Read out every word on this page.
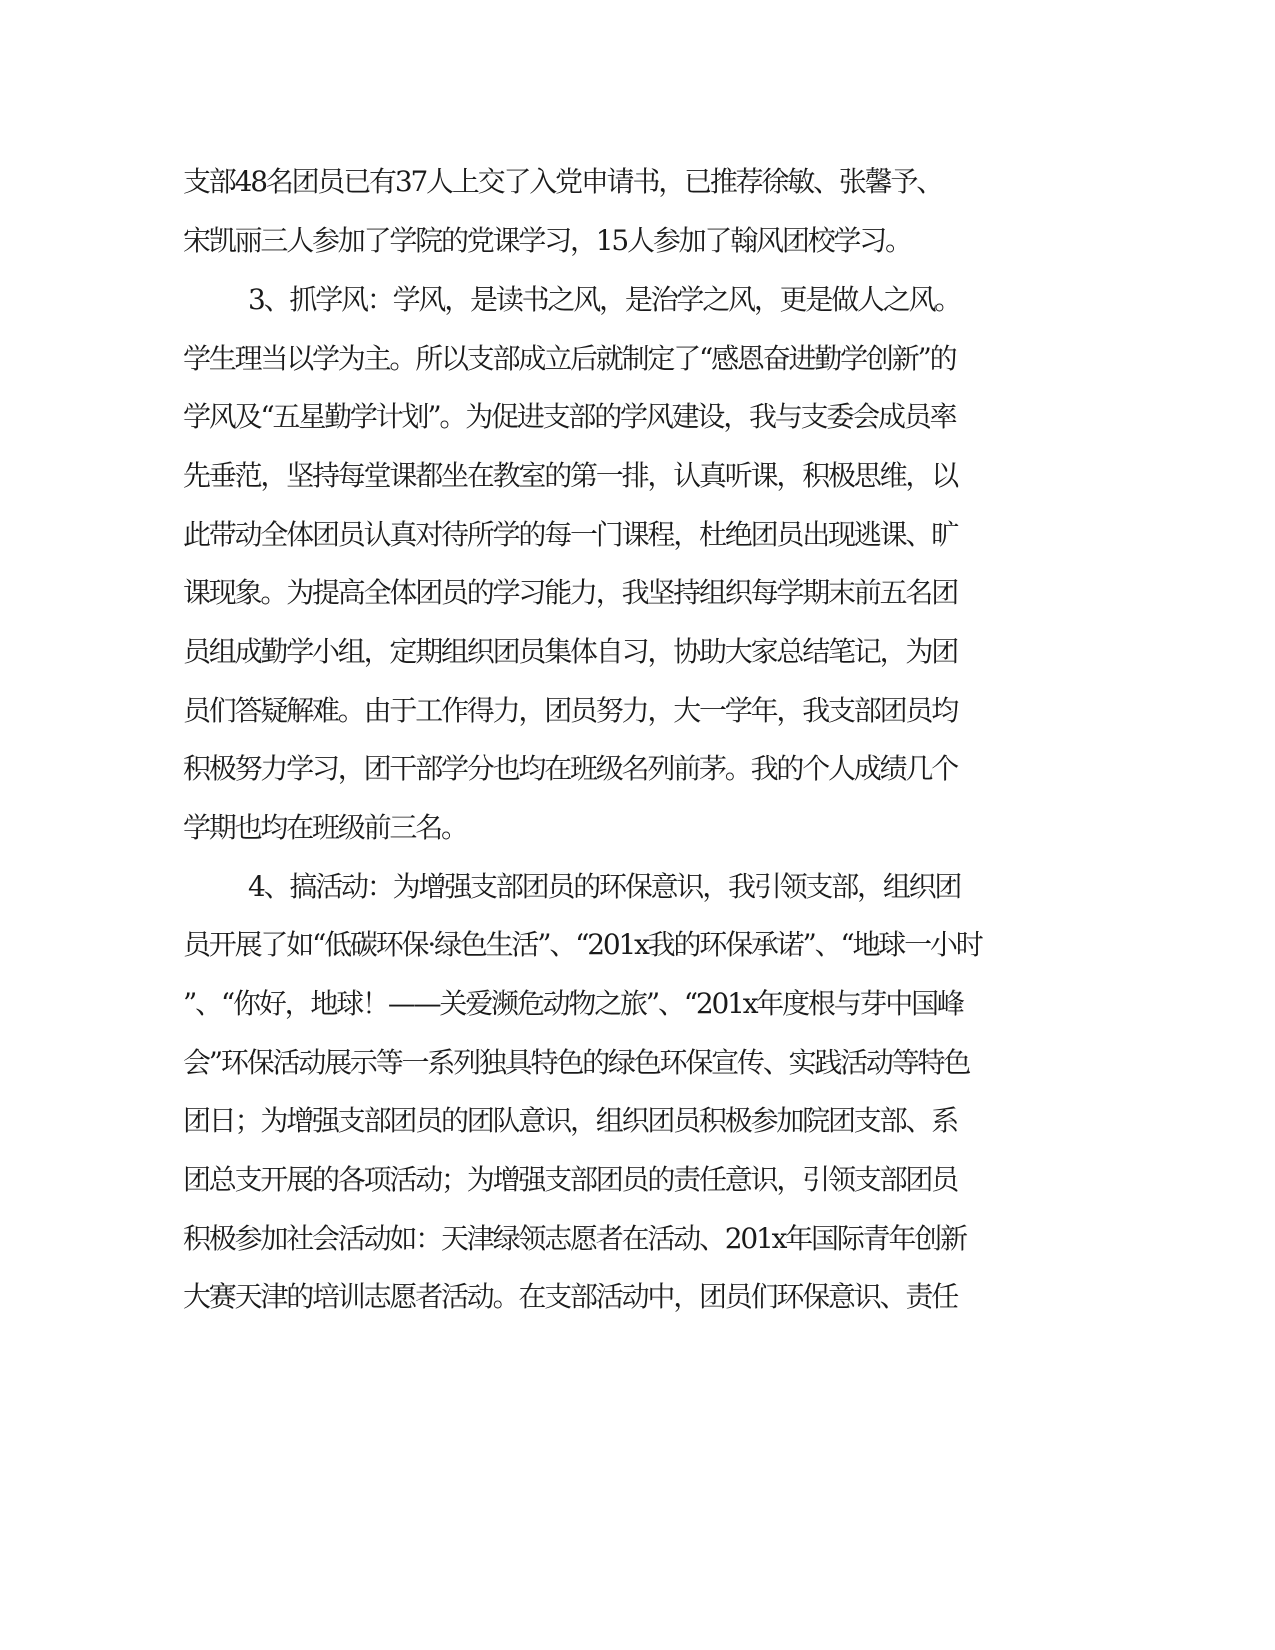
支部48名团员已有37人上交了入党申请书，已推荐徐敏、张馨予、
宋凯丽三人参加了学院的党课学习，15人参加了翰风团校学习。
3、抓学风：学风，是读书之风，是治学之风，更是做人之风。
学生理当以学为主。所以支部成立后就制定了“感恩奋进勤学创新”的
学风及“五星勤学计划”。为促进支部的学风建设，我与支委会成员率
先垂范，坚持每堂课都坐在教室的第一排，认真听课，积极思维，以
此带动全体团员认真对待所学的每一门课程，杜绝团员出现逃课、旷
课现象。为提高全体团员的学习能力，我坚持组织每学期末前五名团
员组成勤学小组，定期组织团员集体自习，协助大家总结笔记，为团
员们答疑解难。由于工作得力，团员努力，大一学年，我支部团员均
积极努力学习，团干部学分也均在班级名列前茅。我的个人成绩几个
学期也均在班级前三名。
4、搞活动：为增强支部团员的环保意识，我引领支部，组织团
员开展了如“低碳环保·绿色生活”、“201x我的环保承诺”、“地球一小时
”、“你好，地球！——关爱濒危动物之旅”、“201x年度根与芽中国峰
会”环保活动展示等一系列独具特色的绿色环保宣传、实践活动等特色
团日；为增强支部团员的团队意识，组织团员积极参加院团支部、系
团总支开展的各项活动；为增强支部团员的责任意识，引领支部团员
积极参加社会活动如：天津绿领志愿者在活动、201x年国际青年创新
大赛天津的培训志愿者活动。在支部活动中，团员们环保意识、责任
